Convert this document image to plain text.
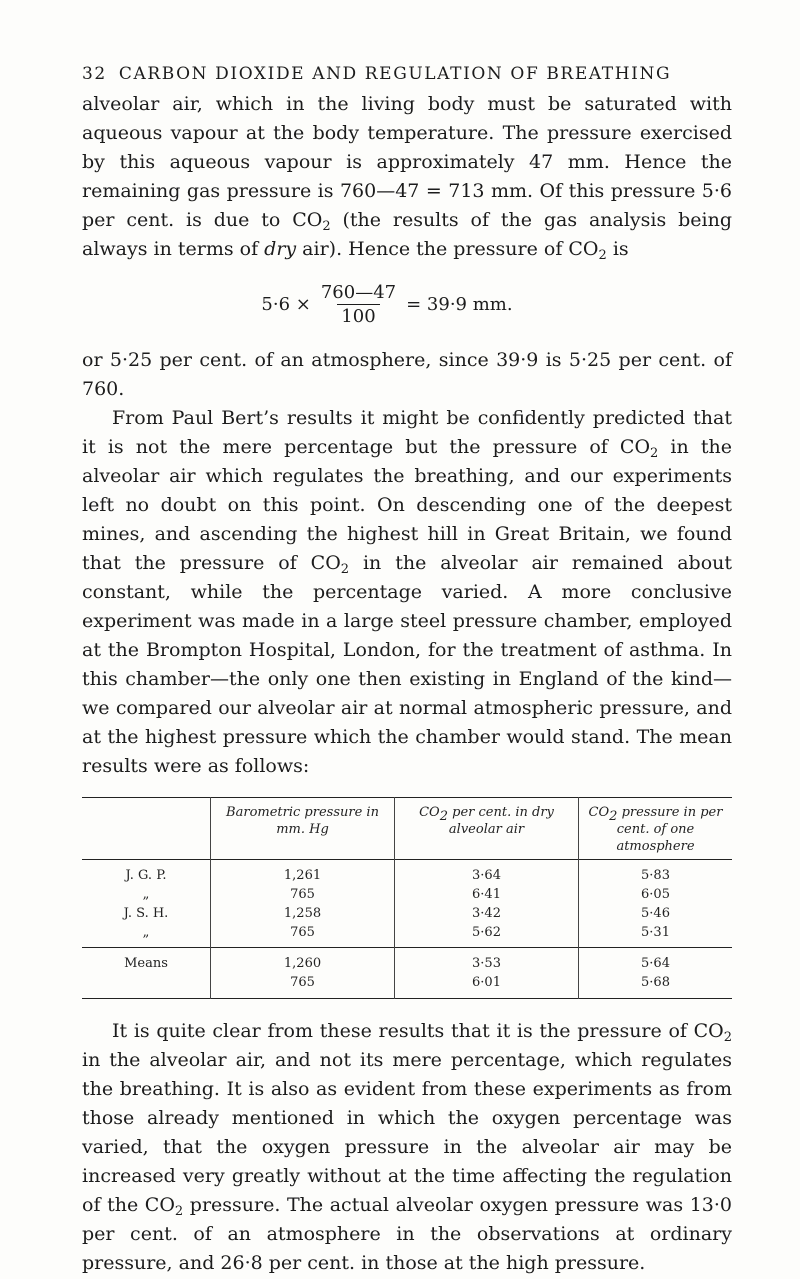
32 CARBON DIOXIDE AND REGULATION OF BREATHING

alveolar air, which in the living body must be saturated with aqueous vapour at the body temperature. The pressure exercised by this aqueous vapour is approximately 47 mm. Hence the remaining gas pressure is 760—47 = 713 mm. Of this pressure 5·6 per cent. is due to $CO_2$ (the results of the gas analysis being always in terms of dry air). Hence the pressure of $CO_2$ is

$5\cdot 6 \times \frac{760—47}{100} = 39\cdot 9$ mm.

or 5·25 per cent. of an atmosphere, since 39·9 is 5·25 per cent. of 760.

From Paul Bert’s results it might be confidently predicted that it is not the mere percentage but the pressure of $CO_2$ in the alveolar air which regulates the breathing, and our experiments left no doubt on this point. On descending one of the deepest mines, and ascending the highest hill in Great Britain, we found that the pressure of $CO_2$ in the alveolar air remained about constant, while the percentage varied. A more conclusive experiment was made in a large steel pressure chamber, employed at the Brompton Hospital, London, for the treatment of asthma. In this chamber—the only one then existing in England of the kind—we compared our alveolar air at normal atmospheric pressure, and at the highest pressure which the chamber would stand. The mean results were as follows:

	Barometric pressure in mm. Hg	$CO_2$ per cent. in dry alveolar air	$CO_2$ pressure in per cent. of one atmosphere
J. G. P.	1,261	3·64	5·83
„	765	6·41	6·05
J. S. H.	1,258	3·42	5·46
„	765	5·62	5·31
Means	1,260	3·53	5·64
	765	6·01	5·68

It is quite clear from these results that it is the pressure of $CO_2$ in the alveolar air, and not its mere percentage, which regulates the breathing. It is also as evident from these experiments as from those already mentioned in which the oxygen percentage was varied, that the oxygen pressure in the alveolar air may be increased very greatly without at the time affecting the regulation of the $CO_2$ pressure. The actual alveolar oxygen pressure was 13·0 per cent. of an atmosphere in the observations at ordinary pressure, and 26·8 per cent. in those at the high pressure.
